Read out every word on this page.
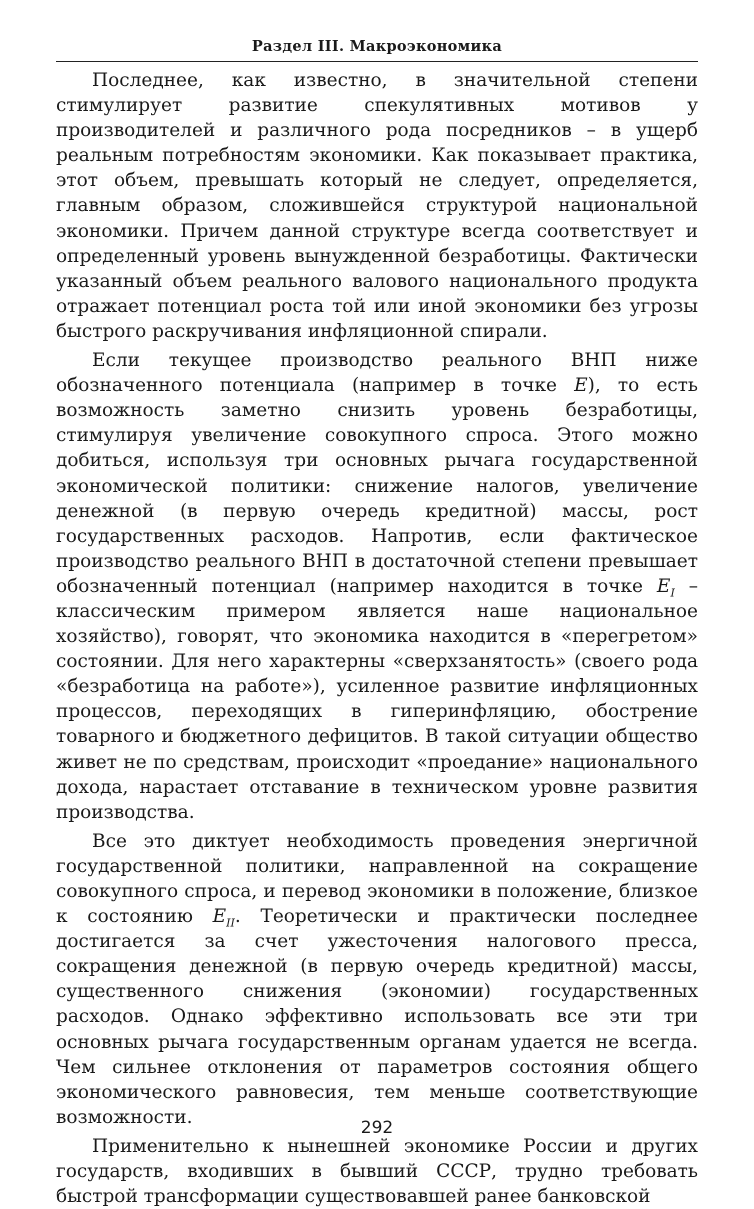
Раздел III. Макроэкономика

Последнее, как известно, в значительной степени стимулирует развитие спекулятивных мотивов у производителей и различного рода посредников – в ущерб реальным потребностям экономики. Как показывает практика, этот объем, превышать который не следует, определяется, главным образом, сложившейся структурой национальной экономики. Причем данной структуре всегда соответствует и определенный уровень вынужденной безработицы. Фактически указанный объем реального валового национального продукта отражает потенциал роста той или иной экономики без угрозы быстрого раскручивания инфляционной спирали.

Если текущее производство реального ВНП ниже обозначенного потенциала (например в точке E), то есть возможность заметно снизить уровень безработицы, стимулируя увеличение совокупного спроса. Этого можно добиться, используя три основных рычага государственной экономической политики: снижение налогов, увеличение денежной (в первую очередь кредитной) массы, рост государственных расходов. Напротив, если фактическое производство реального ВНП в достаточной степени превышает обозначенный потенциал (например находится в точке $E_I$ – классическим примером является наше национальное хозяйство), говорят, что экономика находится в «перегретом» состоянии. Для него характерны «сверхзанятость» (своего рода «безработица на работе»), усиленное развитие инфляционных процессов, переходящих в гиперинфляцию, обострение товарного и бюджетного дефицитов. В такой ситуации общество живет не по средствам, происходит «проедание» национального дохода, нарастает отставание в техническом уровне развития производства.

Все это диктует необходимость проведения энергичной государственной политики, направленной на сокращение совокупного спроса, и перевод экономики в положение, близкое к состоянию $E_{II}$. Теоретически и практически последнее достигается за счет ужесточения налогового пресса, сокращения денежной (в первую очередь кредитной) массы, существенного снижения (экономии) государственных расходов. Однако эффективно использовать все эти три основных рычага государственным органам удается не всегда. Чем сильнее отклонения от параметров состояния общего экономического равновесия, тем меньше соответствующие возможности.

Применительно к нынешней экономике России и других государств, входивших в бывший СССР, трудно требовать быстрой трансформации существовавшей ранее банковской

292
